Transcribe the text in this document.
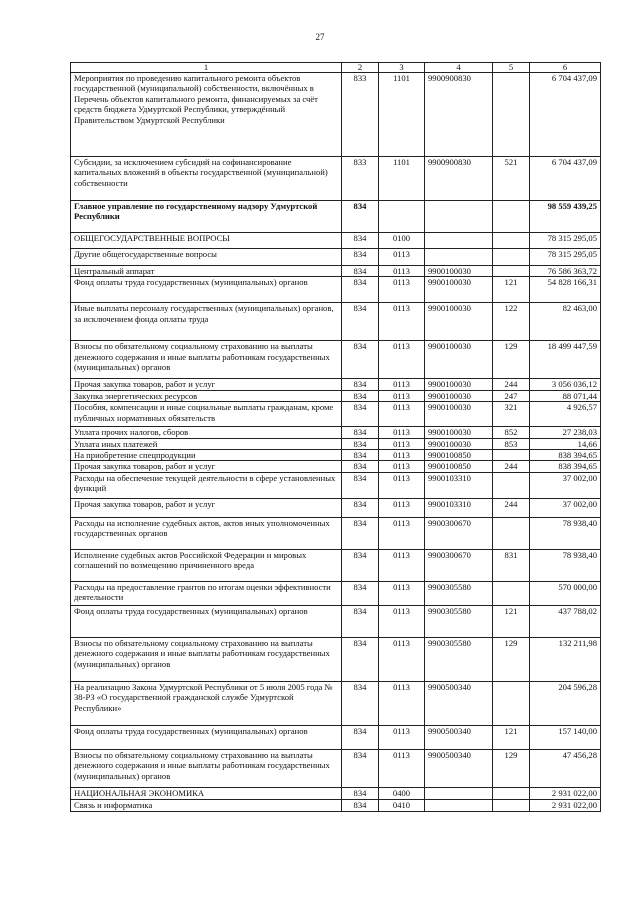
27
1	2	3	4	5	6
Мероприятия по проведению капитального ремонта объектов государственной (муниципальной) собственности, включённых в Перечень объектов капитального ремонта, финансируемых за счёт средств бюджета Удмуртской Республики, утверждённый Правительством Удмуртской Республики	833	1101	9900900830		6 704 437,09
Субсидии, за исключением субсидий на софинансирование капитальных вложений в объекты государственной (муниципальной) собственности	833	1101	9900900830	521	6 704 437,09
Главное управление по государственному надзору Удмуртской Республики	834				98 559 439,25
ОБЩЕГОСУДАРСТВЕННЫЕ ВОПРОСЫ	834	0100			78 315 295,05
Другие общегосударственные вопросы	834	0113			78 315 295,05
Центральный аппарат	834	0113	9900100030		76 586 363,72
Фонд оплаты труда государственных (муниципальных) органов	834	0113	9900100030	121	54 828 166,31
Иные выплаты персоналу государственных (муниципальных) органов, за исключением фонда оплаты труда	834	0113	9900100030	122	82 463,00
Взносы по обязательному социальному страхованию на выплаты денежного содержания и иные выплаты работникам государственных (муниципальных) органов	834	0113	9900100030	129	18 499 447,59
Прочая закупка товаров, работ и услуг	834	0113	9900100030	244	3 056 036,12
Закупка энергетических ресурсов	834	0113	9900100030	247	88 071,44
Пособия, компенсации и иные социальные выплаты гражданам, кроме публичных нормативных обязательств	834	0113	9900100030	321	4 926,57
Уплата прочих налогов, сборов	834	0113	9900100030	852	27 238,03
Уплата иных платежей	834	0113	9900100030	853	14,66
На приобретение спецпродукции	834	0113	9900100850		838 394,65
Прочая закупка товаров, работ и услуг	834	0113	9900100850	244	838 394,65
Расходы на обеспечение текущей деятельности в сфере установленных функций	834	0113	9900103310		37 002,00
Прочая закупка товаров, работ и услуг	834	0113	9900103310	244	37 002,00
Расходы на исполнение судебных актов, актов иных уполномоченных государственных органов	834	0113	9900300670		78 938,40
Исполнение судебных актов Российской Федерации и мировых соглашений по возмещению причиненного вреда	834	0113	9900300670	831	78 938,40
Расходы на предоставление грантов по итогам оценки эффективности деятельности	834	0113	9900305580		570 000,00
Фонд оплаты труда государственных (муниципальных) органов	834	0113	9900305580	121	437 788,02
Взносы по обязательному социальному страхованию на выплаты денежного содержания и иные выплаты работникам государственных (муниципальных) органов	834	0113	9900305580	129	132 211,98
На реализацию Закона Удмуртской Республики от 5 июля 2005 года № 38-РЗ «О государственной гражданской службе Удмуртской Республики»	834	0113	9900500340		204 596,28
Фонд оплаты труда государственных (муниципальных) органов	834	0113	9900500340	121	157 140,00
Взносы по обязательному социальному страхованию на выплаты денежного содержания и иные выплаты работникам государственных (муниципальных) органов	834	0113	9900500340	129	47 456,28
НАЦИОНАЛЬНАЯ ЭКОНОМИКА	834	0400			2 931 022,00
Связь и информатика	834	0410			2 931 022,00
